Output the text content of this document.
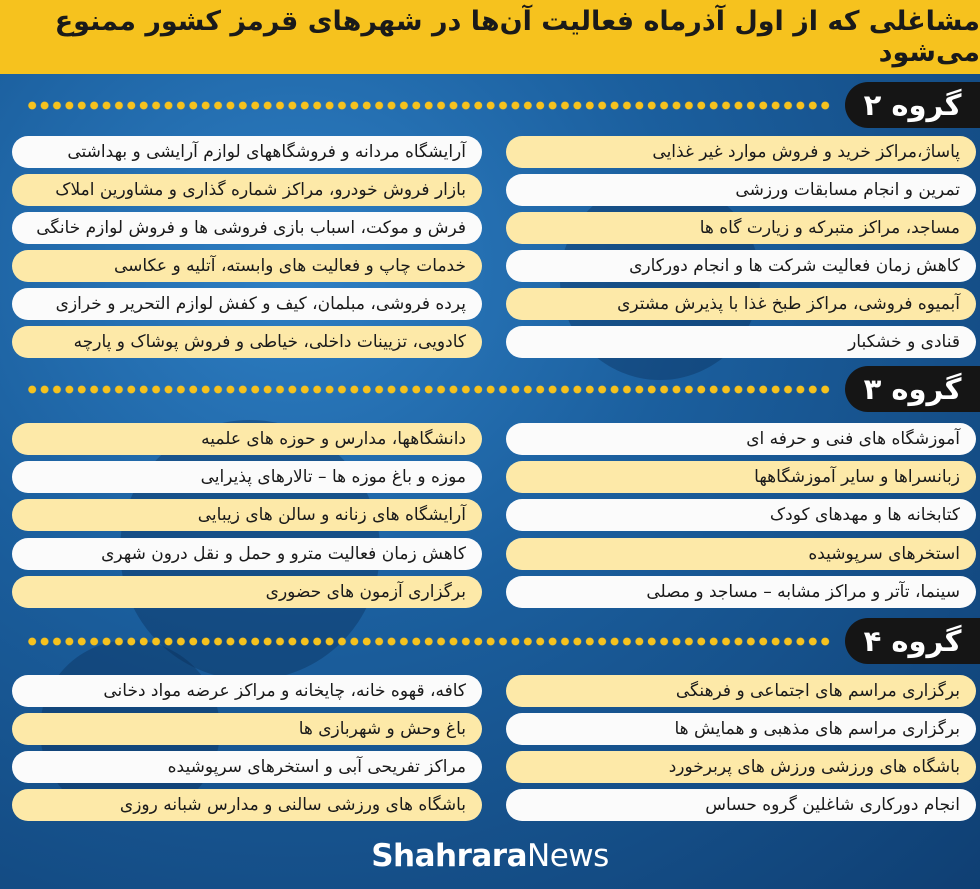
مشاغلی که از اول آذرماه فعالیت آن‌ها در شهرهای قرمز کشور ممنوع می‌شود
گروه ۲
پاساژ،مراکز خرید و فروش موارد غیر غذایی
تمرین و انجام مسابقات ورزشی
مساجد، مراکز متبرکه و زیارت گاه ها
کاهش زمان فعالیت شرکت ها و انجام دورکاری
آبمیوه فروشی، مراکز طبخ غذا با پذیرش مشتری
قنادی و خشکبار
آرایشگاه مردانه و فروشگاههای لوازم آرایشی و بهداشتی
بازار فروش خودرو، مراکز شماره گذاری و مشاورین املاک
فرش و موکت، اسباب بازی فروشی ها و فروش لوازم خانگی
خدمات چاپ و فعالیت های وابسته، آتلیه و عکاسی
پرده فروشی، مبلمان، کیف و کفش لوازم التحریر و خرازی
کادویی، تزیینات داخلی، خیاطی و فروش پوشاک و پارچه
گروه ۳
آموزشگاه های فنی و حرفه ای
زبانسراها و سایر آموزشگاهها
کتابخانه ها و مهدهای کودک
استخرهای سرپوشیده
سینما، تآتر و مراکز مشابه – مساجد و مصلی
دانشگاهها، مدارس و حوزه های علمیه
موزه و باغ موزه ها – تالارهای پذیرایی
آرایشگاه های زنانه و سالن های زیبایی
کاهش زمان فعالیت مترو و حمل و نقل درون شهری
برگزاری آزمون های حضوری
گروه ۴
برگزاری مراسم های اجتماعی و فرهنگی
برگزاری مراسم های مذهبی و همایش ها
باشگاه های ورزشی ورزش های پربرخورد
انجام دورکاری شاغلین گروه حساس
کافه، قهوه خانه، چایخانه و مراکز عرضه مواد دخانی
باغ وحش و شهربازی ها
مراکز تفریحی آبی و استخرهای سرپوشیده
باشگاه های ورزشی سالنی و مدارس شبانه روزی
ShahraraNews
